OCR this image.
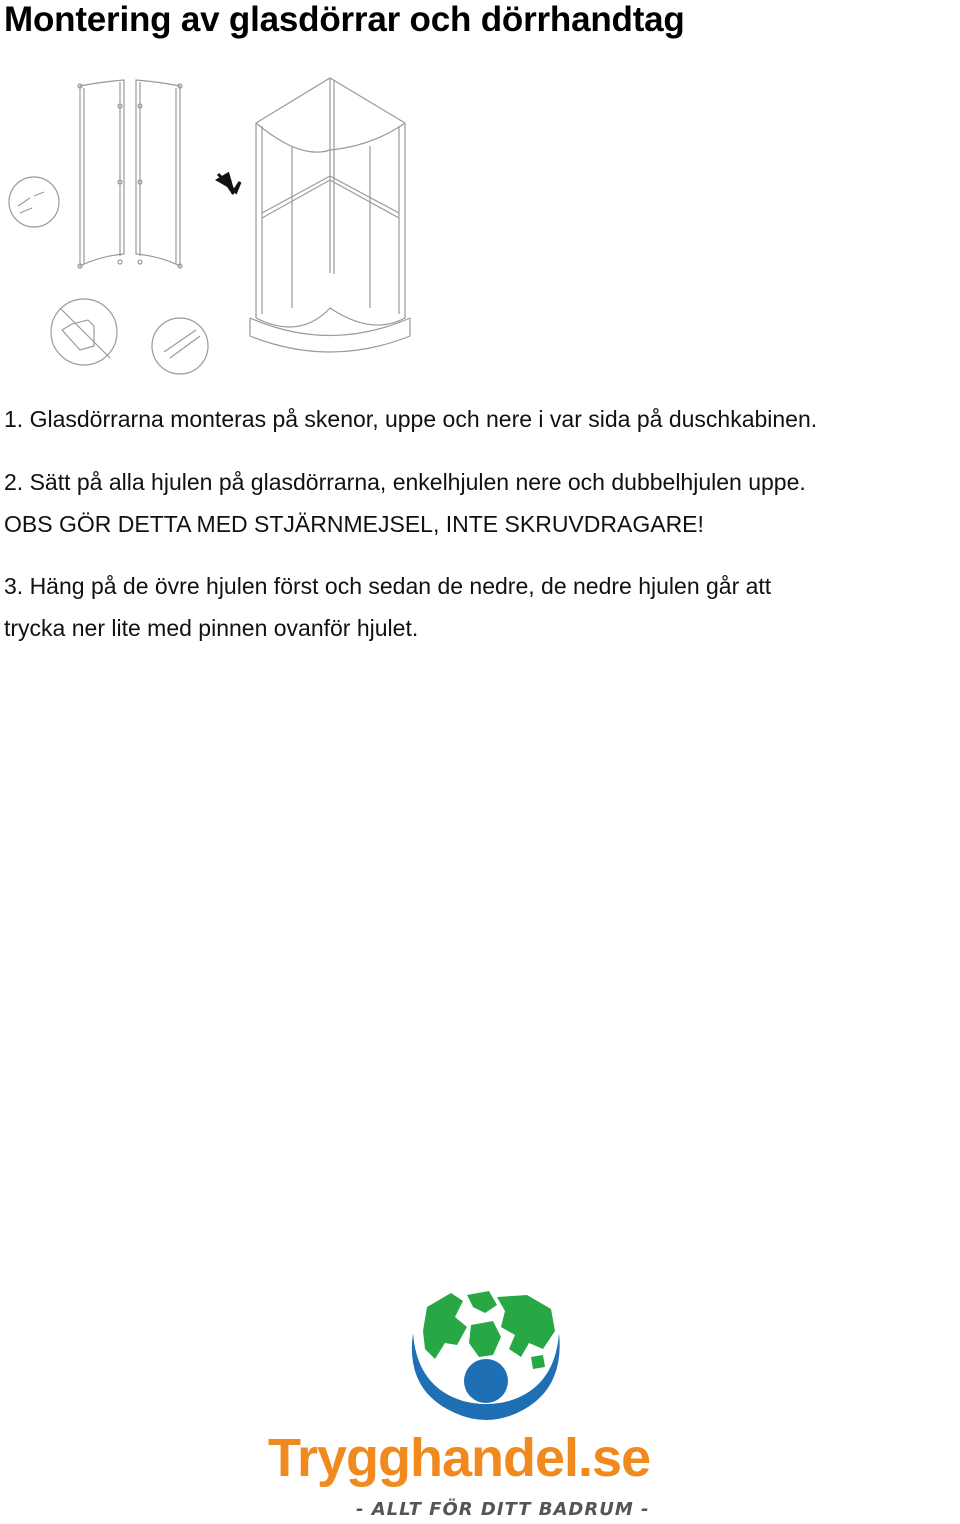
Montering av glasdörrar och dörrhandtag
1. Glasdörrarna monteras på skenor, uppe och nere i var sida på duschkabinen.
2. Sätt på alla hjulen på glasdörrarna, enkelhjulen nere och dubbelhjulen uppe.
OBS GÖR DETTA MED STJÄRNMEJSEL, INTE SKRUVDRAGARE!
3. Häng på de övre hjulen först och sedan de nedre, de nedre hjulen går att
trycka ner lite med pinnen ovanför hjulet.
Trygghandel.se
- ALLT FÖR DITT BADRUM -
